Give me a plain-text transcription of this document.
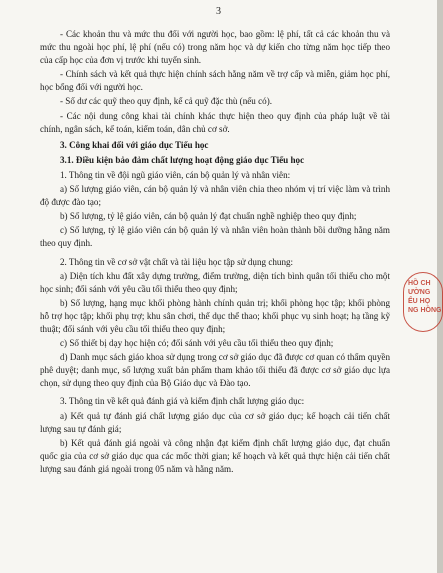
3

- Các khoản thu và mức thu đối với người học, bao gồm: lệ phí, tất cả các khoản thu và mức thu ngoài học phí, lệ phí (nếu có) trong năm học và dự kiến cho từng năm học tiếp theo của cấp học của đơn vị trước khi tuyển sinh.

- Chính sách và kết quả thực hiện chính sách hằng năm về trợ cấp và miễn, giảm học phí, học bổng đối với người học.

- Số dư các quỹ theo quy định, kể cả quỹ đặc thù (nếu có).

- Các nội dung công khai tài chính khác thực hiện theo quy định của pháp luật về tài chính, ngân sách, kế toán, kiểm toán, dân chủ cơ sở.

3. Công khai đối với giáo dục Tiểu học

3.1. Điều kiện bảo đảm chất lượng hoạt động giáo dục Tiểu học

1. Thông tin về đội ngũ giáo viên, cán bộ quản lý và nhân viên:

a) Số lượng giáo viên, cán bộ quản lý và nhân viên chia theo nhóm vị trí việc làm và trình độ được đào tạo;

b) Số lượng, tỷ lệ giáo viên, cán bộ quản lý đạt chuẩn nghề nghiệp theo quy định;

c) Số lượng, tỷ lệ giáo viên cán bộ quản lý và nhân viên hoàn thành bồi dưỡng hằng năm theo quy định.

2. Thông tin về cơ sở vật chất và tài liệu học tập sử dụng chung:

a) Diện tích khu đất xây dựng trường, điểm trường, diện tích bình quân tối thiểu cho một học sinh; đối sánh với yêu cầu tối thiểu theo quy định;

b) Số lượng, hạng mục khối phòng hành chính quản trị; khối phòng học tập; khối phòng hỗ trợ học tập; khối phụ trợ; khu sân chơi, thể dục thể thao; khối phục vụ sinh hoạt; hạ tầng kỹ thuật; đối sánh với yêu cầu tối thiểu theo quy định;

c) Số thiết bị dạy học hiện có; đối sánh với yêu cầu tối thiểu theo quy định;

d) Danh mục sách giáo khoa sử dụng trong cơ sở giáo dục đã được cơ quan có thẩm quyền phê duyệt; danh mục, số lượng xuất bản phẩm tham khảo tối thiểu đã được cơ sở giáo dục lựa chọn, sử dụng theo quy định của Bộ Giáo dục và Đào tạo.

3. Thông tin về kết quả đánh giá và kiểm định chất lượng giáo dục:

a) Kết quả tự đánh giá chất lượng giáo dục của cơ sở giáo dục; kế hoạch cải tiến chất lượng sau tự đánh giá;

b) Kết quả đánh giá ngoài và công nhận đạt kiểm định chất lượng giáo dục, đạt chuẩn quốc gia của cơ sở giáo dục qua các mốc thời gian; kế hoạch và kết quả thực hiện cải tiến chất lượng sau đánh giá ngoài trong 05 năm và hằng năm.

HỒ CH
ƯỜNG
ỂU HỌ
NG HỒNG
